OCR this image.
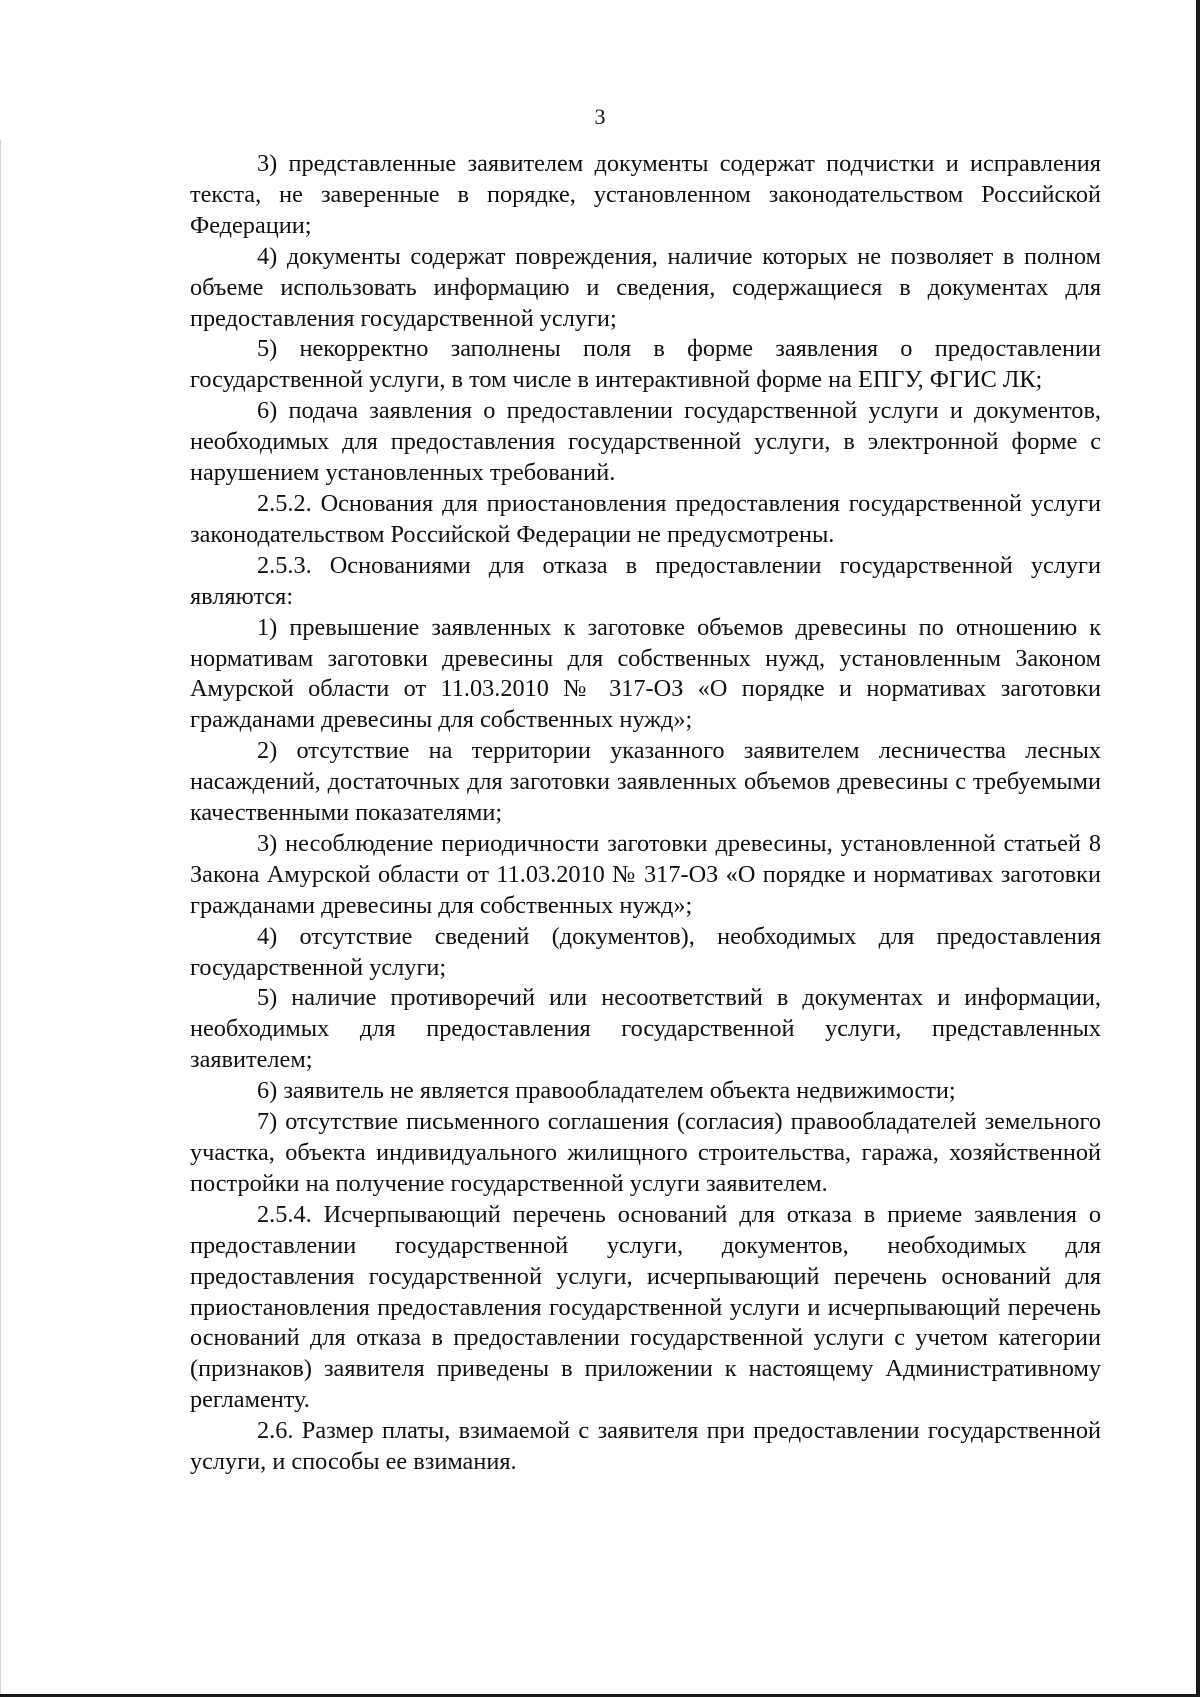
3

3) представленные заявителем документы содержат подчистки и исправления текста, не заверенные в порядке, установленном законодательством Российской Федерации;

4) документы содержат повреждения, наличие которых не позволяет в полном объеме использовать информацию и сведения, содержащиеся в документах для предоставления государственной услуги;

5) некорректно заполнены поля в форме заявления о предоставлении государственной услуги, в том числе в интерактивной форме на ЕПГУ, ФГИС ЛК;

6) подача заявления о предоставлении государственной услуги и документов, необходимых для предоставления государственной услуги, в электронной форме с нарушением установленных требований.

2.5.2. Основания для приостановления предоставления государственной услуги законодательством Российской Федерации не предусмотрены.

2.5.3. Основаниями для отказа в предоставлении государственной услуги являются:

1) превышение заявленных к заготовке объемов древесины по отношению к нормативам заготовки древесины для собственных нужд, установленным Законом Амурской области от 11.03.2010 № 317-ОЗ «О порядке и нормативах заготовки гражданами древесины для собственных нужд»;

2) отсутствие на территории указанного заявителем лесничества лесных насаждений, достаточных для заготовки заявленных объемов древесины с требуемыми качественными показателями;

3) несоблюдение периодичности заготовки древесины, установленной статьей 8 Закона Амурской области от 11.03.2010 № 317-ОЗ «О порядке и нормативах заготовки гражданами древесины для собственных нужд»;

4) отсутствие сведений (документов), необходимых для предоставления государственной услуги;

5) наличие противоречий или несоответствий в документах и информации, необходимых для предоставления государственной услуги, представленных заявителем;

6) заявитель не является правообладателем объекта недвижимости;

7) отсутствие письменного соглашения (согласия) правообладателей земельного участка, объекта индивидуального жилищного строительства, гаража, хозяйственной постройки на получение государственной услуги заявителем.

2.5.4. Исчерпывающий перечень оснований для отказа в приеме заявления о предоставлении государственной услуги, документов, необходимых для предоставления государственной услуги, исчерпывающий перечень оснований для приостановления предоставления государственной услуги и исчерпывающий перечень оснований для отказа в предоставлении государственной услуги с учетом категории (признаков) заявителя приведены в приложении к настоящему Административному регламенту.

2.6. Размер платы, взимаемой с заявителя при предоставлении государственной услуги, и способы ее взимания.
